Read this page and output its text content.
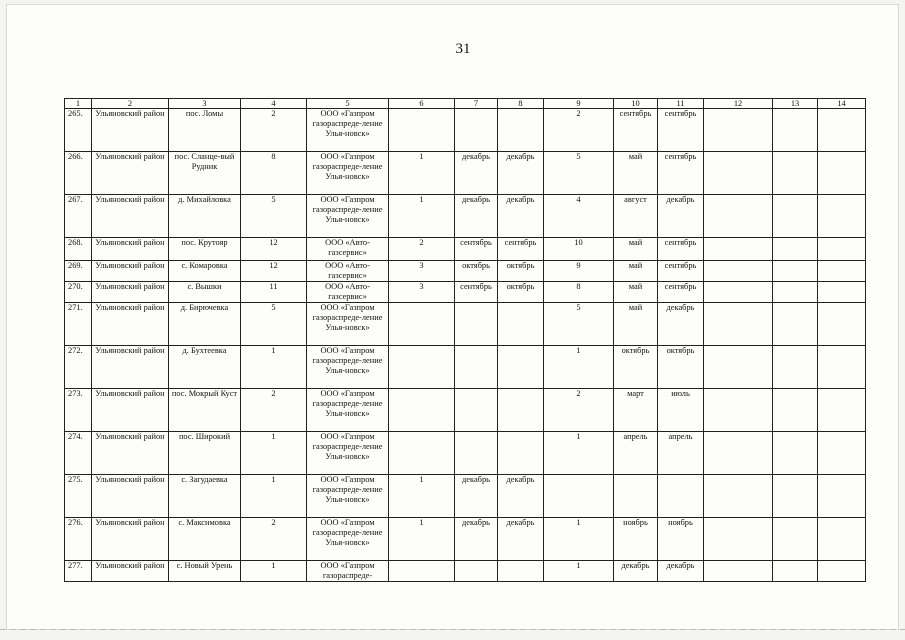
31
1	2	3	4	5	6	7	8	9	10	11	12	13	14
265.	Ульяновский район	пос. Ломы	2	ООО «Газпром газораспреде-ление Улья-новск»				2	сентябрь	сентябрь			
266.	Ульяновский район	пос. Сланце-вый Рудник	8	ООО «Газпром газораспреде-ление Улья-новск»	1	декабрь	декабрь	5	май	сентябрь			
267.	Ульяновский район	д. Михайловка	5	ООО «Газпром газораспреде-ление Улья-новск»	1	декабрь	декабрь	4	август	декабрь			
268.	Ульяновский район	пос. Крутояр	12	ООО «Авто-газсервис»	2	сентябрь	сентябрь	10	май	сентябрь			
269.	Ульяновский район	с. Комаровка	12	ООО «Авто-газсервис»	3	октябрь	октябрь	9	май	сентябрь			
270.	Ульяновский район	с. Вышки	11	ООО «Авто-газсервис»	3	сентябрь	октябрь	8	май	сентябрь			
271.	Ульяновский район	д. Бирючевка	5	ООО «Газпром газораспреде-ление Улья-новск»				5	май	декабрь			
272.	Ульяновский район	д. Бухтеевка	1	ООО «Газпром газораспреде-ление Улья-новск»				1	октябрь	октябрь			
273.	Ульяновский район	пос. Мокрый Куст	2	ООО «Газпром газораспреде-ление Улья-новск»				2	март	июль			
274.	Ульяновский район	пос. Широкий	1	ООО «Газпром газораспреде-ление Улья-новск»				1	апрель	апрель			
275.	Ульяновский район	с. Загудаевка	1	ООО «Газпром газораспреде-ление Улья-новск»	1	декабрь	декабрь						
276.	Ульяновский район	с. Максимовка	2	ООО «Газпром газораспреде-ление Улья-новск»	1	декабрь	декабрь	1	ноябрь	ноябрь			
277.	Ульяновский район	с. Новый Урень	1	ООО «Газпром газораспреде-				1	декабрь	декабрь			
